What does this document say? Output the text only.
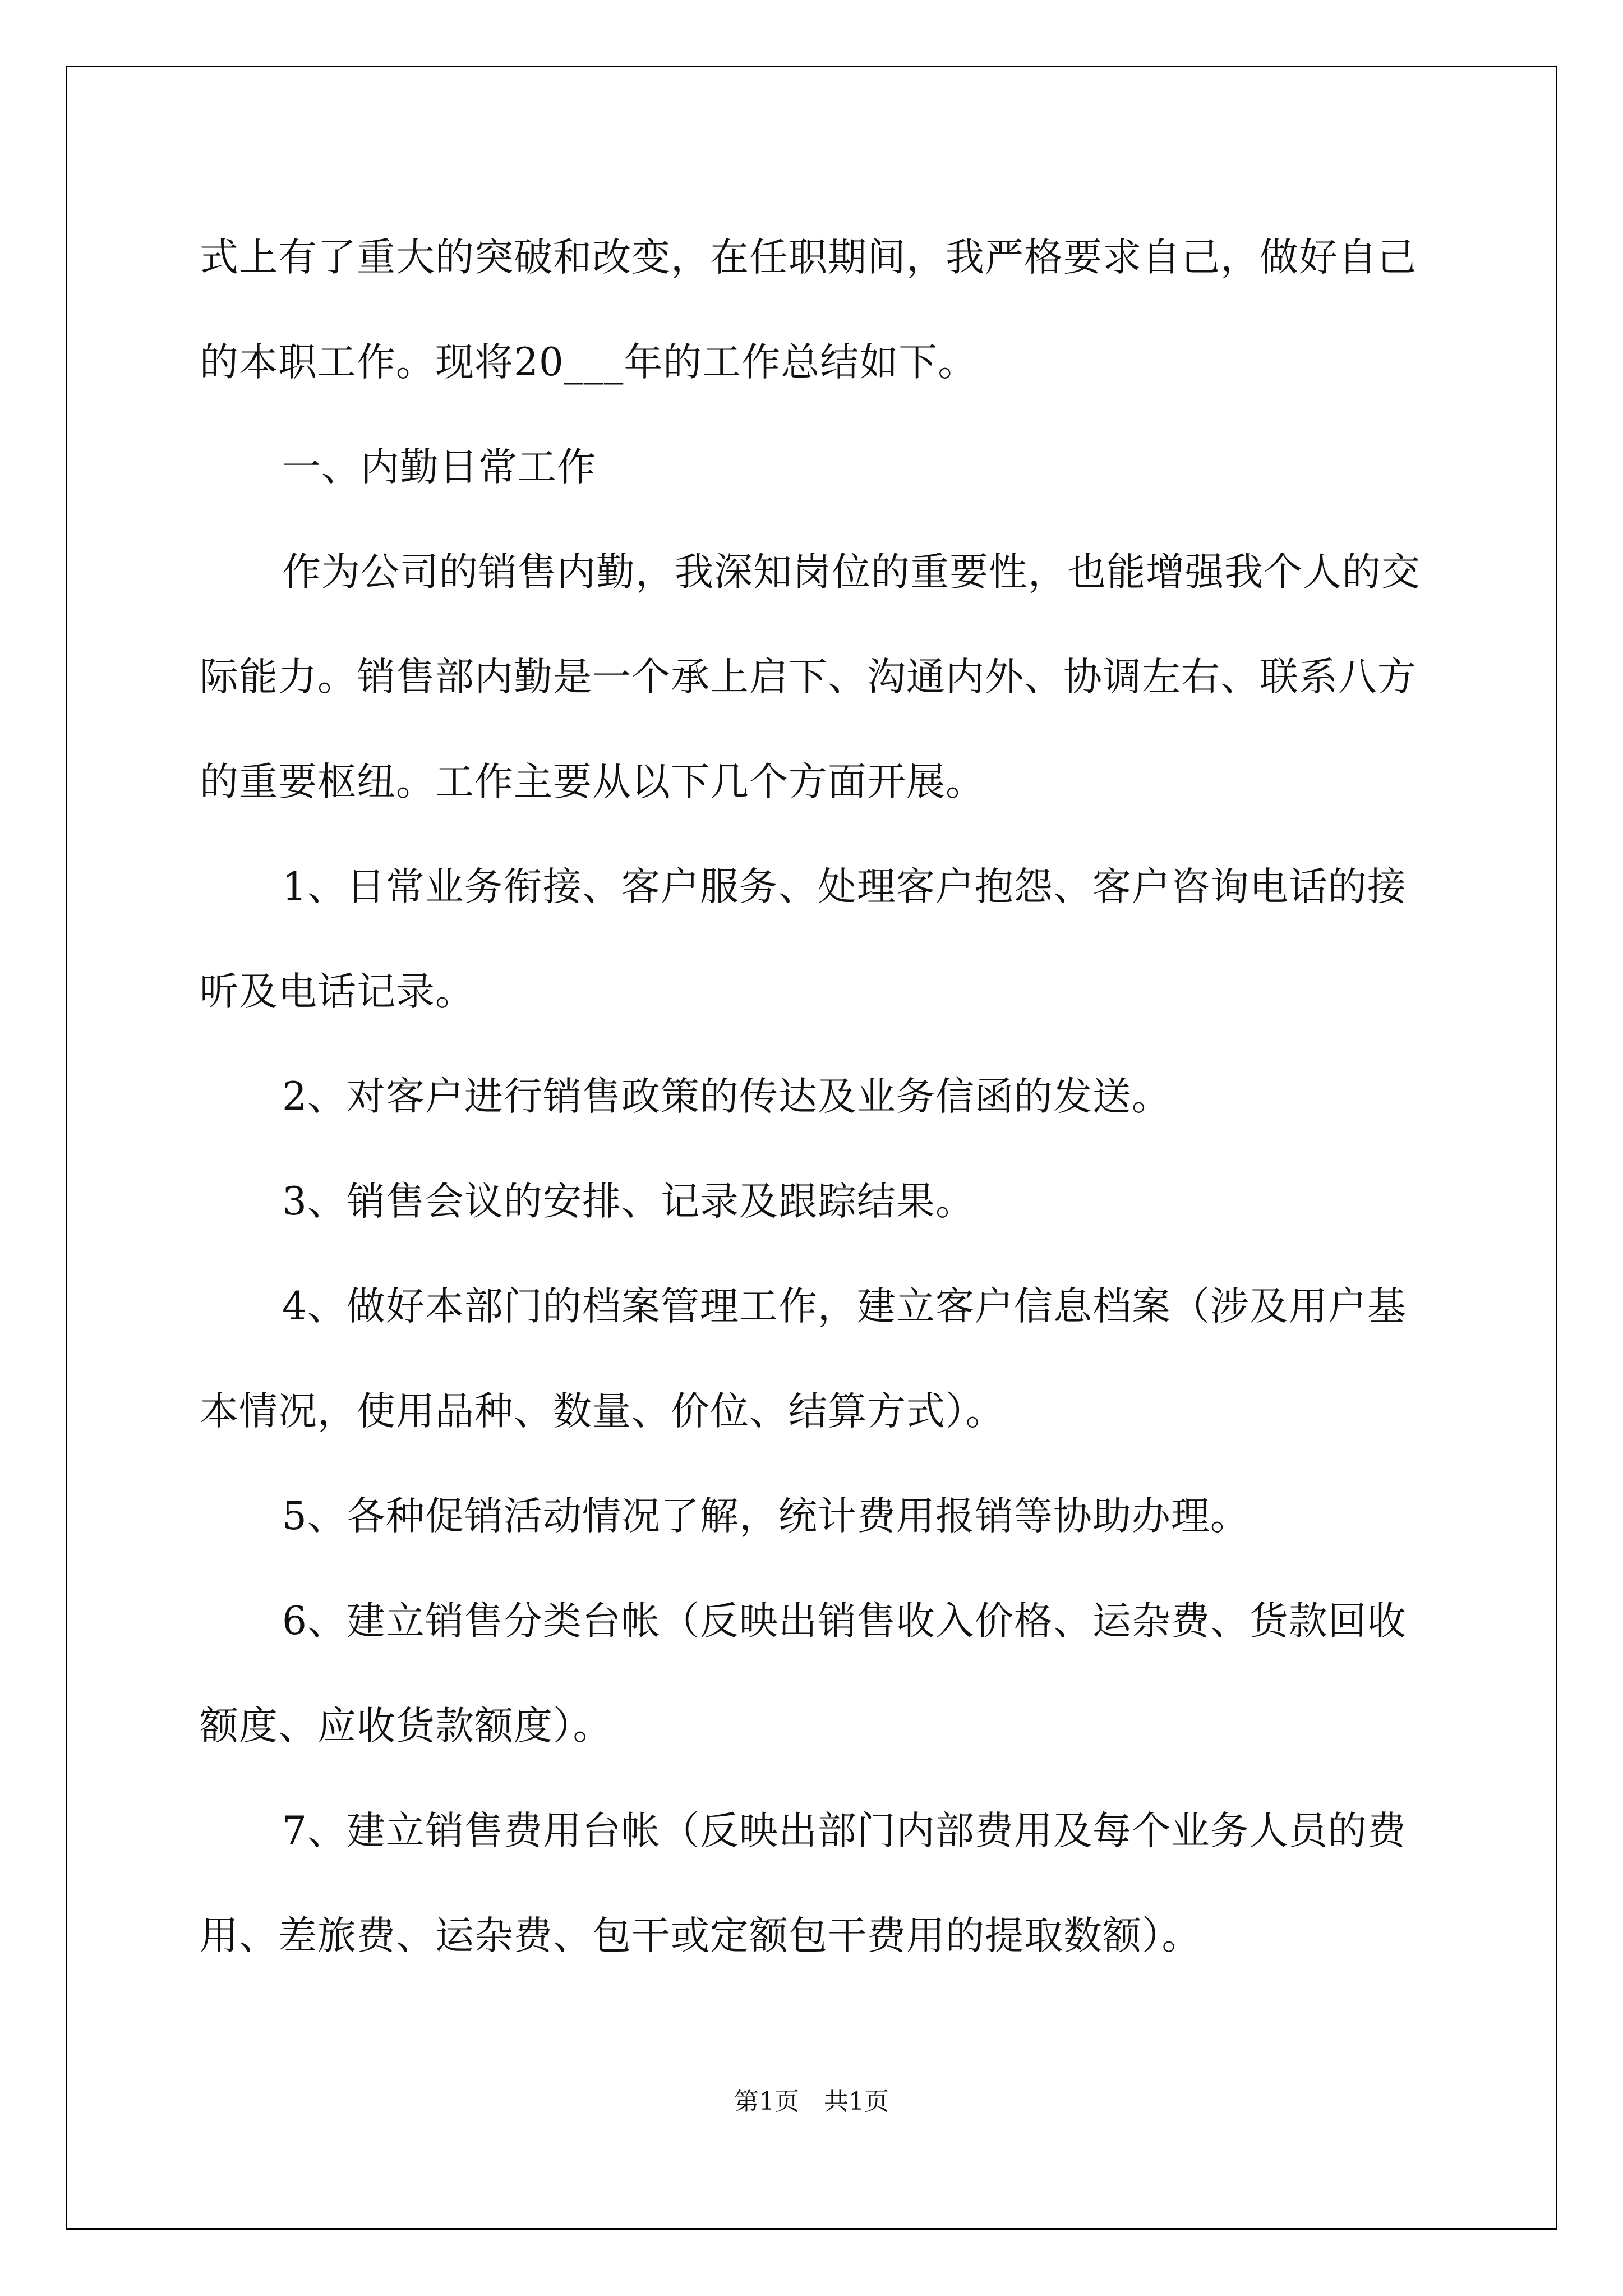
式上有了重大的突破和改变，在任职期间，我严格要求自己，做好自己的本职工作。现将20___年的工作总结如下。

一、内勤日常工作

作为公司的销售内勤，我深知岗位的重要性，也能增强我个人的交际能力。销售部内勤是一个承上启下、沟通内外、协调左右、联系八方的重要枢纽。工作主要从以下几个方面开展。

1、日常业务衔接、客户服务、处理客户抱怨、客户咨询电话的接听及电话记录。

2、对客户进行销售政策的传达及业务信函的发送。

3、销售会议的安排、记录及跟踪结果。

4、做好本部门的档案管理工作，建立客户信息档案（涉及用户基本情况，使用品种、数量、价位、结算方式）。

5、各种促销活动情况了解，统计费用报销等协助办理。

6、建立销售分类台帐（反映出销售收入价格、运杂费、货款回收额度、应收货款额度）。

7、建立销售费用台帐（反映出部门内部费用及每个业务人员的费用、差旅费、运杂费、包干或定额包干费用的提取数额）。

第1页 共1页
